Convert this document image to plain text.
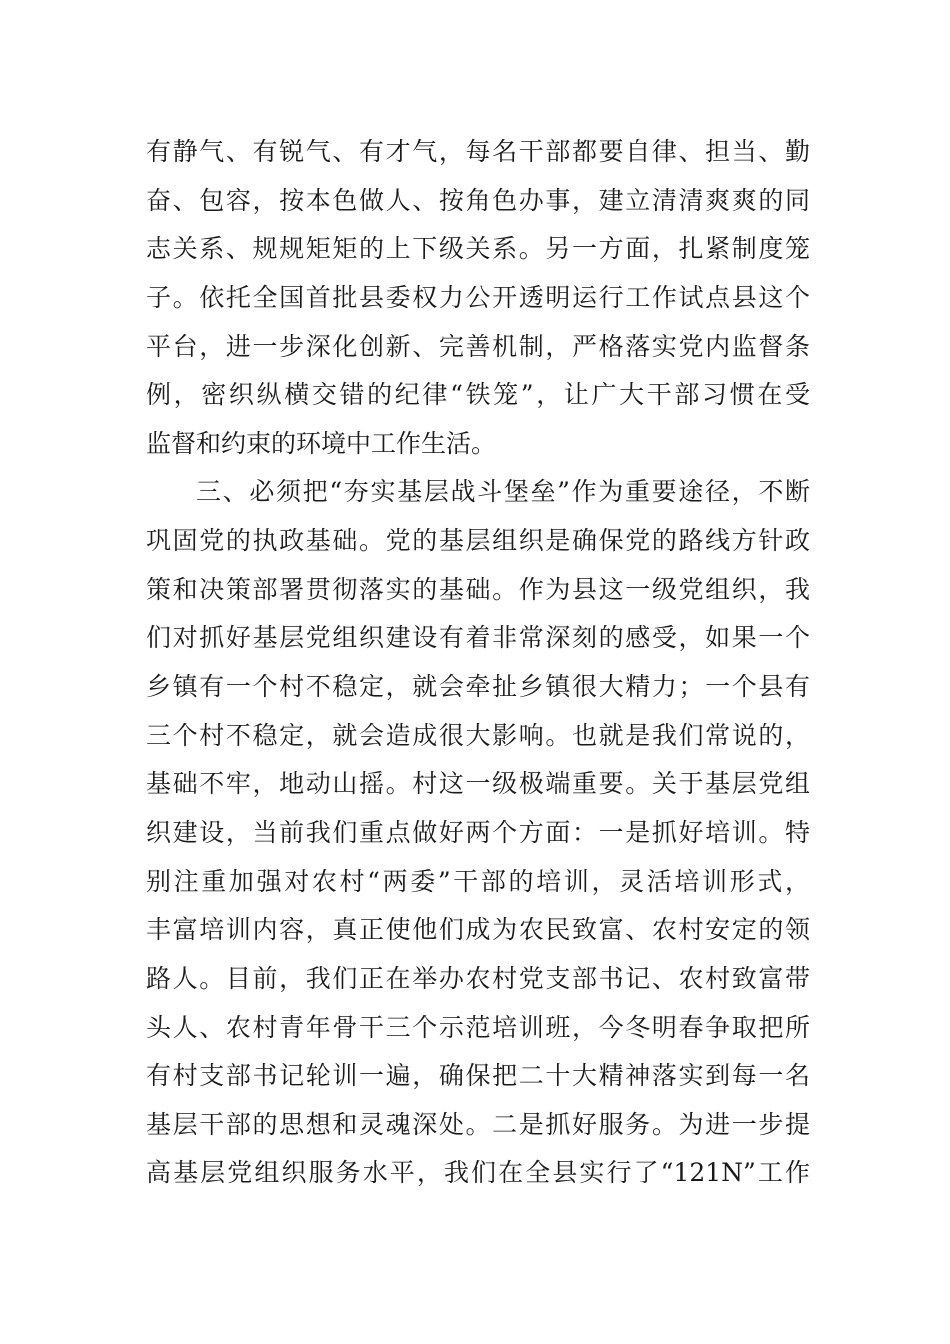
有静气、有锐气、有才气，每名干部都要自律、担当、勤
奋、包容，按本色做人、按角色办事，建立清清爽爽的同
志关系、规规矩矩的上下级关系。另一方面，扎紧制度笼
子。依托全国首批县委权力公开透明运行工作试点县这个
平台，进一步深化创新、完善机制，严格落实党内监督条
例，密织纵横交错的纪律“铁笼”，让广大干部习惯在受
监督和约束的环境中工作生活。
三、必须把“夯实基层战斗堡垒”作为重要途径，不断
巩固党的执政基础。党的基层组织是确保党的路线方针政
策和决策部署贯彻落实的基础。作为县这一级党组织，我
们对抓好基层党组织建设有着非常深刻的感受，如果一个
乡镇有一个村不稳定，就会牵扯乡镇很大精力；一个县有
三个村不稳定，就会造成很大影响。也就是我们常说的，
基础不牢，地动山摇。村这一级极端重要。关于基层党组
织建设，当前我们重点做好两个方面：一是抓好培训。特
别注重加强对农村“两委”干部的培训，灵活培训形式，
丰富培训内容，真正使他们成为农民致富、农村安定的领
路人。目前，我们正在举办农村党支部书记、农村致富带
头人、农村青年骨干三个示范培训班，今冬明春争取把所
有村支部书记轮训一遍，确保把二十大精神落实到每一名
基层干部的思想和灵魂深处。二是抓好服务。为进一步提
高基层党组织服务水平，我们在全县实行了“121N”工作
